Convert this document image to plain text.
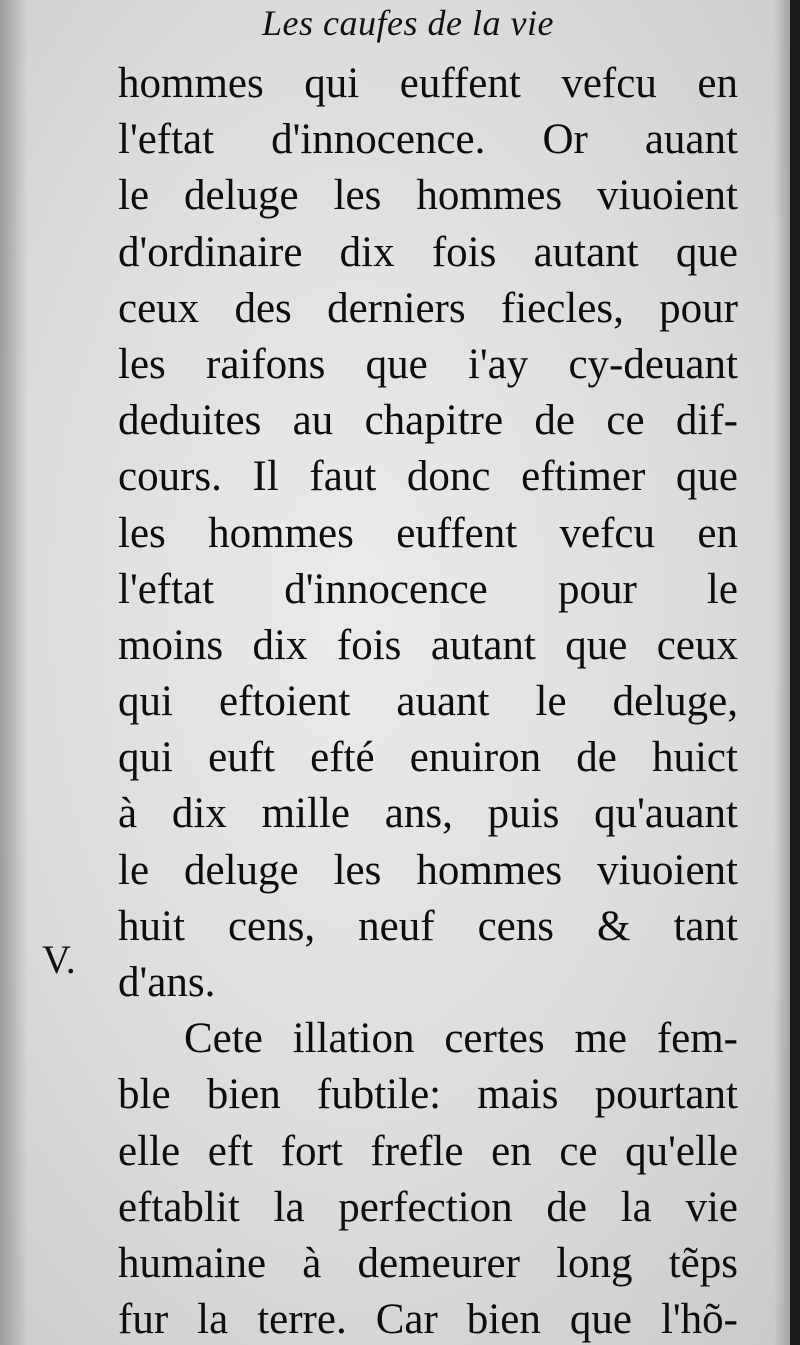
Les caufes de la vie
V.
hommes qui euffent vefcu en
l'eftat d'innocence. Or auant
le deluge les hommes viuoient
d'ordinaire dix fois autant que
ceux des derniers fiecles, pour
les raifons que i'ay cy-deuant
deduites au chapitre de ce dif-
cours. Il faut donc eftimer que
les hommes euffent vefcu en
l'eftat d'innocence pour le
moins dix fois autant que ceux
qui eftoient auant le deluge,
qui euft efté enuiron de huict
à dix mille ans, puis qu'auant
le deluge les hommes viuoient
huit cens, neuf cens & tant
d'ans.
Cete illation certes me fem-
ble bien fubtile: mais pourtant
elle eft fort frefle en ce qu'elle
eftablit la perfection de la vie
humaine à demeurer long tẽps
fur la terre. Car bien que l'hõ-
